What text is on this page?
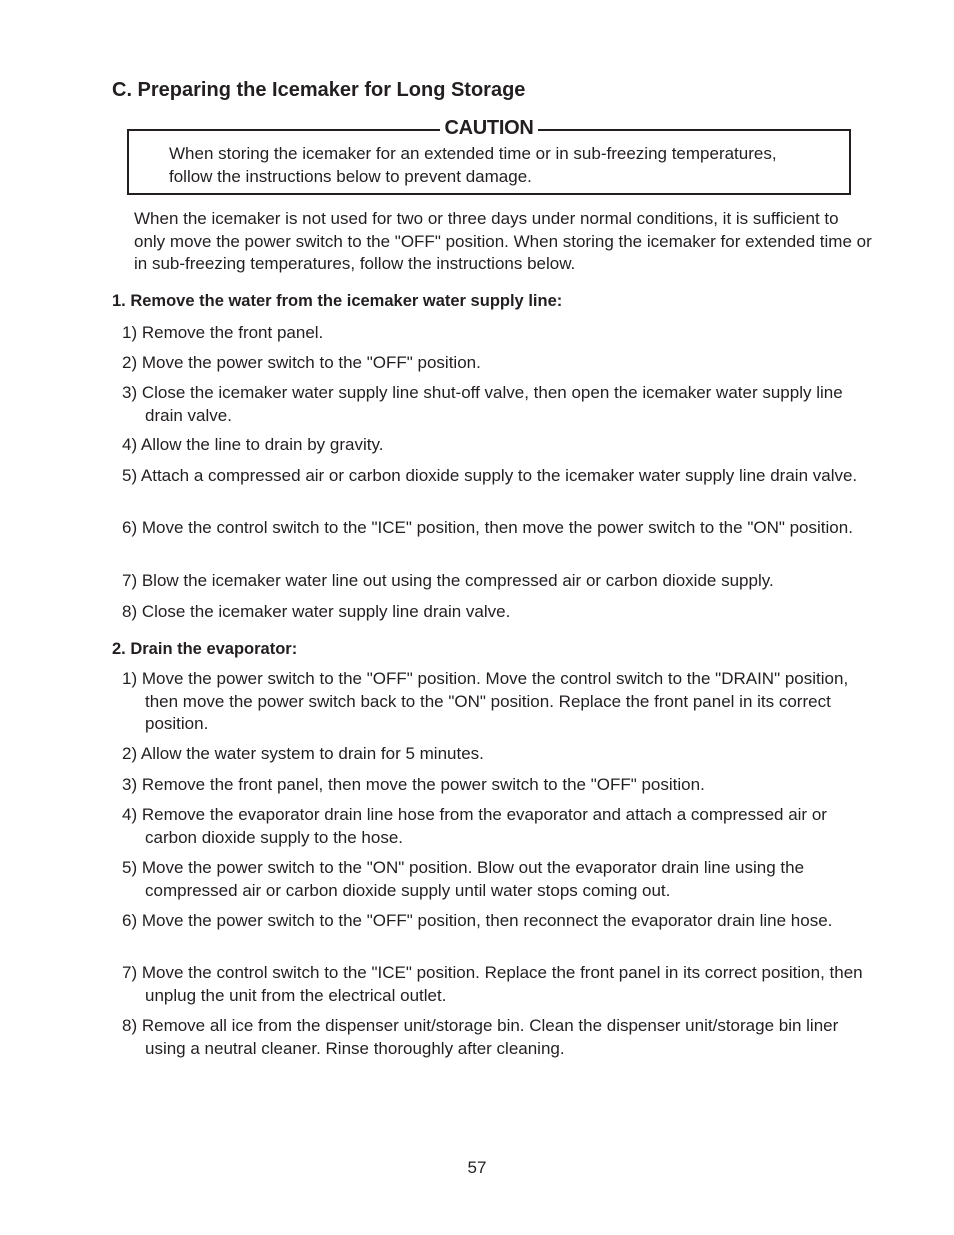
C. Preparing the Icemaker for Long Storage
CAUTION
When storing the icemaker for an extended time or in sub-freezing temperatures, follow the instructions below to prevent damage.

When the icemaker is not used for two or three days under normal conditions, it is sufficient to only move the power switch to the "OFF" position. When storing the icemaker for extended time or in sub-freezing temperatures, follow the instructions below.

1. Remove the water from the icemaker water supply line:

1) Remove the front panel.

2) Move the power switch to the "OFF" position.

3) Close the icemaker water supply line shut-off valve, then open the icemaker water supply line drain valve.

4) Allow the line to drain by gravity.

5) Attach a compressed air or carbon dioxide supply to the icemaker water supply line drain valve.

6) Move the control switch to the "ICE" position, then move the power switch to the "ON" position.

7) Blow the icemaker water line out using the compressed air or carbon dioxide supply.

8) Close the icemaker water supply line drain valve.

2. Drain the evaporator:

1) Move the power switch to the "OFF" position. Move the control switch to the "DRAIN" position, then move the power switch back to the "ON" position. Replace the front panel in its correct position.

2) Allow the water system to drain for 5 minutes.

3) Remove the front panel, then move the power switch to the "OFF" position.

4) Remove the evaporator drain line hose from the evaporator and attach a compressed air or carbon dioxide supply to the hose.

5) Move the power switch to the "ON" position. Blow out the evaporator drain line using the compressed air or carbon dioxide supply until water stops coming out.

6) Move the power switch to the "OFF" position, then reconnect the evaporator drain line hose.

7) Move the control switch to the "ICE" position. Replace the front panel in its correct position, then unplug the unit from the electrical outlet.

8) Remove all ice from the dispenser unit/storage bin. Clean the dispenser unit/storage bin liner using a neutral cleaner. Rinse thoroughly after cleaning.

57
